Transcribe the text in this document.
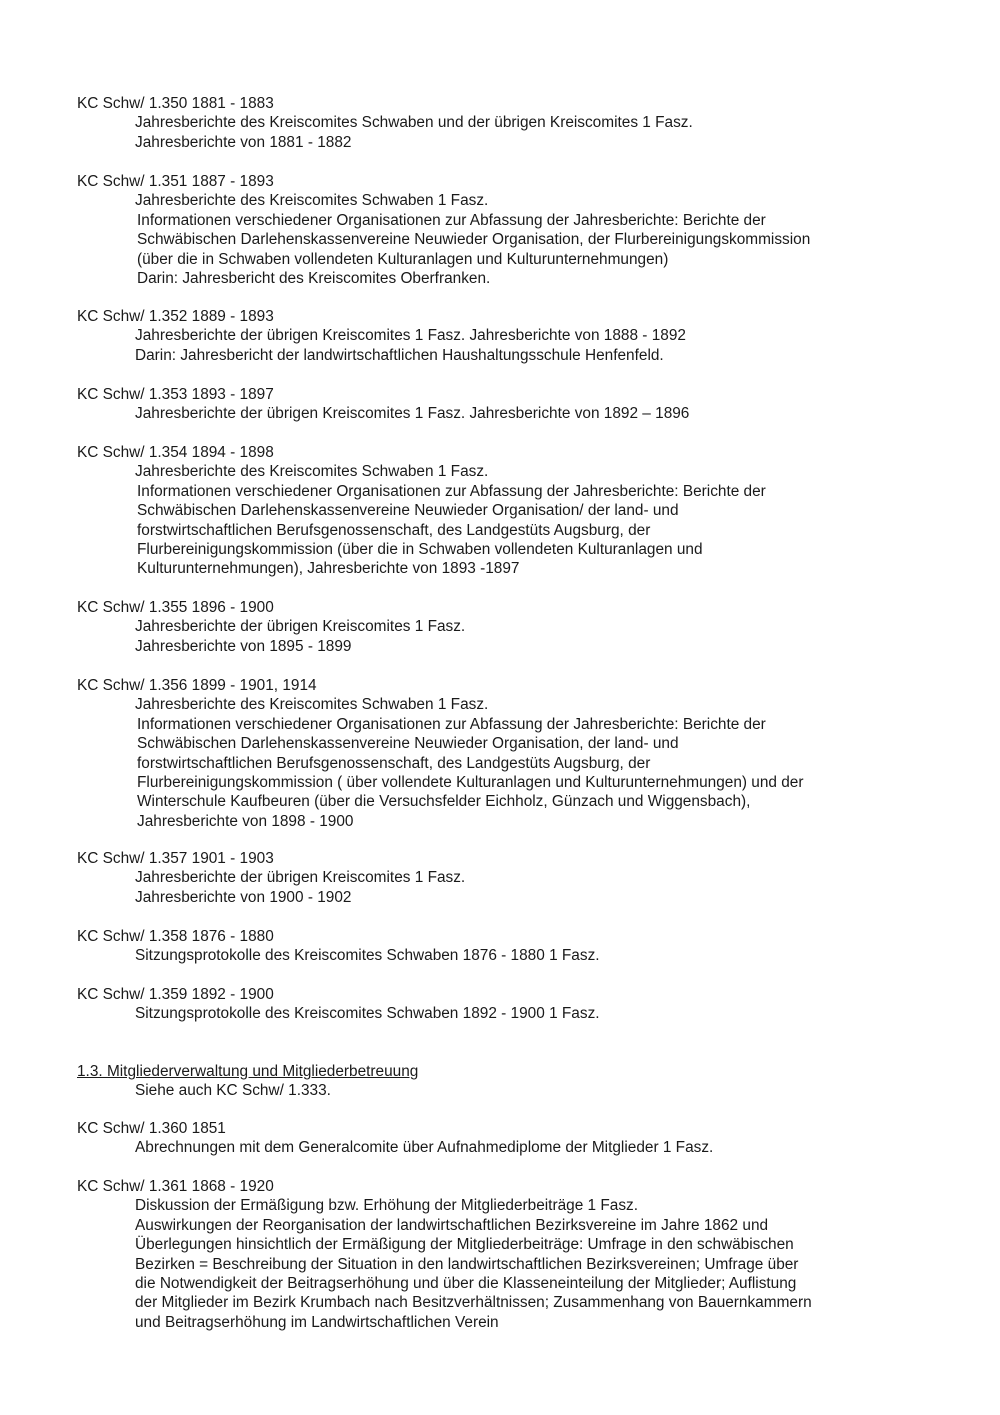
KC Schw/ 1.350 1881 - 1883
Jahresberichte des Kreiscomites Schwaben und der übrigen Kreiscomites 1 Fasz.
Jahresberichte von 1881 - 1882
KC Schw/ 1.351 1887 - 1893
Jahresberichte des Kreiscomites Schwaben 1 Fasz.
Informationen verschiedener Organisationen zur Abfassung der Jahresberichte: Berichte der
Schwäbischen Darlehenskassenvereine Neuwieder Organisation, der Flurbereinigungskommission
(über die in Schwaben vollendeten Kulturanlagen und Kulturunternehmungen)
Darin: Jahresbericht des Kreiscomites Oberfranken.
KC Schw/ 1.352 1889 - 1893
Jahresberichte der übrigen Kreiscomites 1 Fasz. Jahresberichte von 1888 - 1892
Darin: Jahresbericht der landwirtschaftlichen Haushaltungsschule Henfenfeld.
KC Schw/ 1.353 1893 - 1897
Jahresberichte der übrigen Kreiscomites 1 Fasz. Jahresberichte von 1892 – 1896
KC Schw/ 1.354 1894 - 1898
Jahresberichte des Kreiscomites Schwaben 1 Fasz.
Informationen verschiedener Organisationen zur Abfassung der Jahresberichte: Berichte der
Schwäbischen Darlehenskassenvereine Neuwieder Organisation/ der land- und
forstwirtschaftlichen Berufsgenossenschaft, des Landgestüts Augsburg, der
Flurbereinigungskommission (über die in Schwaben vollendeten Kulturanlagen und
Kulturunternehmungen), Jahresberichte von 1893 -1897
KC Schw/ 1.355 1896 - 1900
Jahresberichte der übrigen Kreiscomites 1 Fasz.
Jahresberichte von 1895 - 1899
KC Schw/ 1.356 1899 - 1901, 1914
Jahresberichte des Kreiscomites Schwaben 1 Fasz.
Informationen verschiedener Organisationen zur Abfassung der Jahresberichte: Berichte der
Schwäbischen Darlehenskassenvereine Neuwieder Organisation, der land- und
forstwirtschaftlichen Berufsgenossenschaft, des Landgestüts Augsburg, der
Flurbereinigungskommission ( über vollendete Kulturanlagen und Kulturunternehmungen) und der
Winterschule Kaufbeuren (über die Versuchsfelder Eichholz, Günzach und Wiggensbach),
Jahresberichte von 1898 - 1900
KC Schw/ 1.357 1901 - 1903
Jahresberichte der übrigen Kreiscomites 1 Fasz.
Jahresberichte von 1900 - 1902
KC Schw/ 1.358 1876 - 1880
Sitzungsprotokolle des Kreiscomites Schwaben 1876 - 1880 1 Fasz.
KC Schw/ 1.359 1892 - 1900
Sitzungsprotokolle des Kreiscomites Schwaben 1892 - 1900 1 Fasz.
1.3. Mitgliederverwaltung und Mitgliederbetreuung
Siehe auch KC Schw/ 1.333.
KC Schw/ 1.360 1851
Abrechnungen mit dem Generalcomite über Aufnahmediplome der Mitglieder 1 Fasz.
KC Schw/ 1.361 1868 - 1920
Diskussion der Ermäßigung bzw. Erhöhung der Mitgliederbeiträge 1 Fasz.
Auswirkungen der Reorganisation der landwirtschaftlichen Bezirksvereine im Jahre 1862 und
Überlegungen hinsichtlich der Ermäßigung der Mitgliederbeiträge: Umfrage in den schwäbischen
Bezirken = Beschreibung der Situation in den landwirtschaftlichen Bezirksvereinen; Umfrage über
die Notwendigkeit der Beitragserhöhung und über die Klasseneinteilung der Mitglieder; Auflistung
der Mitglieder im Bezirk Krumbach nach Besitzverhältnissen; Zusammenhang von Bauernkammern
und Beitragserhöhung im Landwirtschaftlichen Verein
